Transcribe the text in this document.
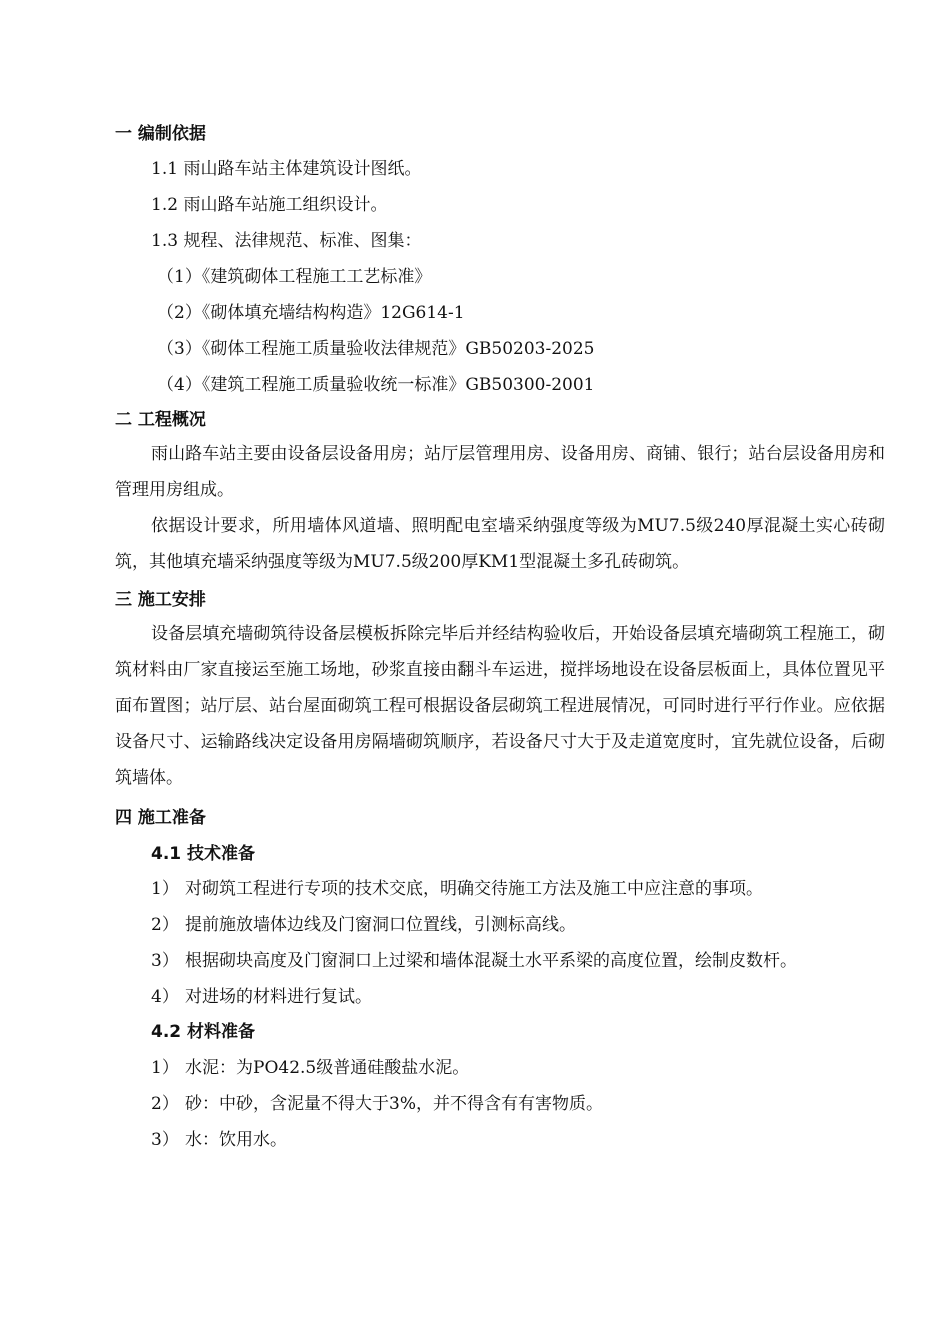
一 编制依据
1.1 雨山路车站主体建筑设计图纸。
1.2 雨山路车站施工组织设计。
1.3 规程、法律规范、标准、图集：
（1）《建筑砌体工程施工工艺标准》
（2）《砌体填充墙结构构造》12G614-1
（3）《砌体工程施工质量验收法律规范》GB50203-2025
（4）《建筑工程施工质量验收统一标准》GB50300-2001
二 工程概况
雨山路车站主要由设备层设备用房；站厅层管理用房、设备用房、商铺、银行；站台层设备用房和管理用房组成。
依据设计要求，所用墙体风道墙、照明配电室墙采纳强度等级为MU7.5级240厚混凝土实心砖砌筑，其他填充墙采纳强度等级为MU7.5级200厚KM1型混凝土多孔砖砌筑。
三 施工安排
设备层填充墙砌筑待设备层模板拆除完毕后并经结构验收后，开始设备层填充墙砌筑工程施工，砌筑材料由厂家直接运至施工场地，砂浆直接由翻斗车运进，搅拌场地设在设备层板面上，具体位置见平面布置图；站厅层、站台屋面砌筑工程可根据设备层砌筑工程进展情况，可同时进行平行作业。应依据设备尺寸、运输路线决定设备用房隔墙砌筑顺序，若设备尺寸大于及走道宽度时，宜先就位设备，后砌筑墙体。
四 施工准备
4.1 技术准备
1） 对砌筑工程进行专项的技术交底，明确交待施工方法及施工中应注意的事项。
2） 提前施放墙体边线及门窗洞口位置线，引测标高线。
3） 根据砌块高度及门窗洞口上过梁和墙体混凝土水平系梁的高度位置，绘制皮数杆。
4） 对进场的材料进行复试。
4.2 材料准备
1） 水泥：为PO42.5级普通硅酸盐水泥。
2） 砂：中砂，含泥量不得大于3%，并不得含有有害物质。
3） 水：饮用水。
